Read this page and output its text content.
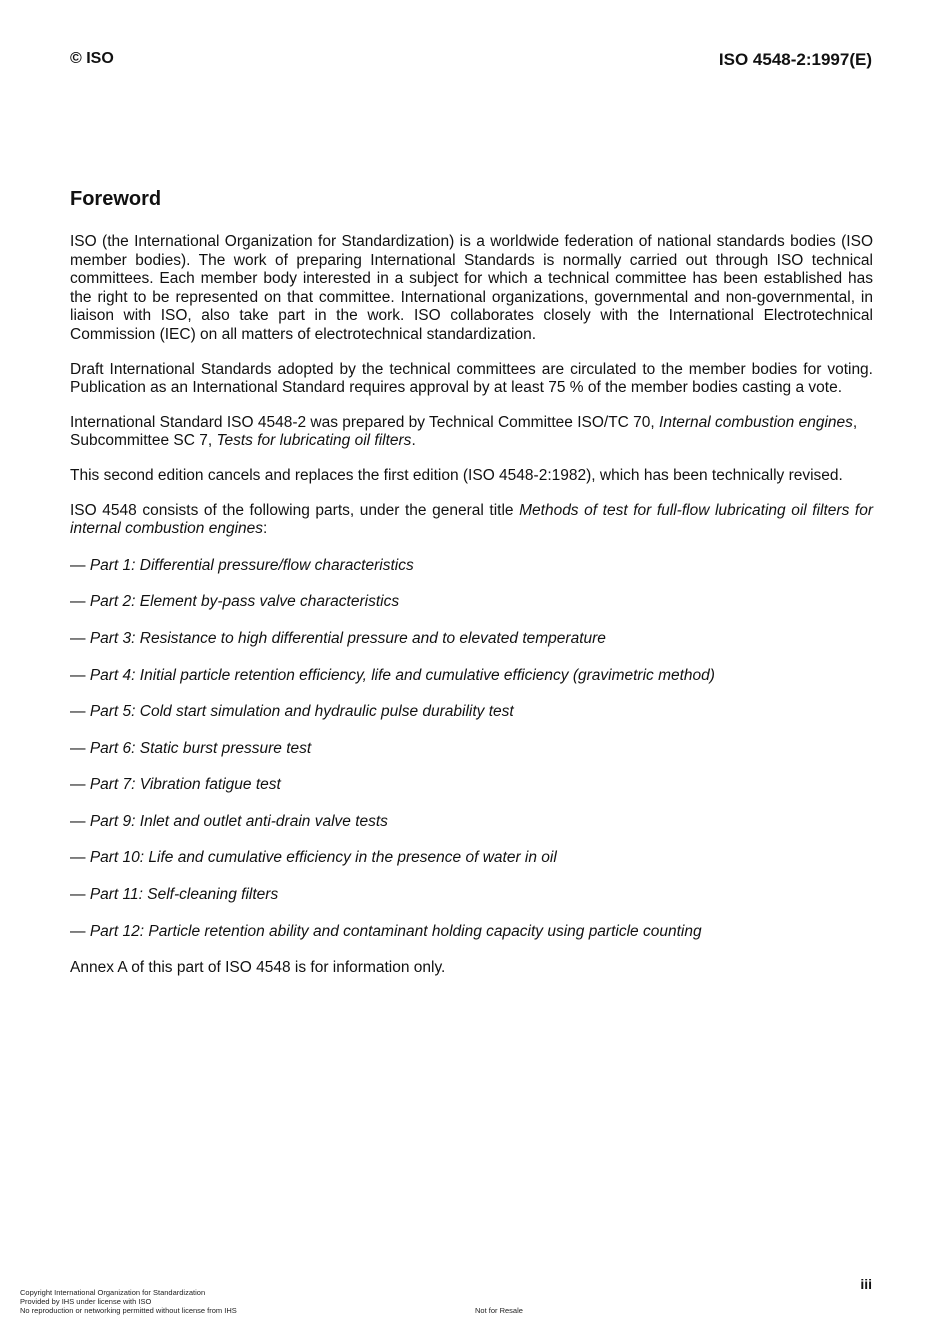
© ISO	ISO 4548-2:1997(E)
Foreword

ISO (the International Organization for Standardization) is a worldwide federation of national standards bodies (ISO member bodies). The work of preparing International Standards is normally carried out through ISO technical committees. Each member body interested in a subject for which a technical committee has been established has the right to be represented on that committee. International organizations, governmental and non-governmental, in liaison with ISO, also take part in the work. ISO collaborates closely with the International Electrotechnical Commission (IEC) on all matters of electrotechnical standardization.

Draft International Standards adopted by the technical committees are circulated to the member bodies for voting. Publication as an International Standard requires approval by at least 75 % of the member bodies casting a vote.

International Standard ISO 4548-2 was prepared by Technical Committee ISO/TC 70, Internal combustion engines, Subcommittee SC 7, Tests for lubricating oil filters.

This second edition cancels and replaces the first edition (ISO 4548-2:1982), which has been technically revised.

ISO 4548 consists of the following parts, under the general title Methods of test for full-flow lubricating oil filters for internal combustion engines:

— Part 1: Differential pressure/flow characteristics
— Part 2: Element by-pass valve characteristics
— Part 3: Resistance to high differential pressure and to elevated temperature
— Part 4: Initial particle retention efficiency, life and cumulative efficiency (gravimetric method)
— Part 5: Cold start simulation and hydraulic pulse durability test
— Part 6: Static burst pressure test
— Part 7: Vibration fatigue test
— Part 9: Inlet and outlet anti-drain valve tests
— Part 10: Life and cumulative efficiency in the presence of water in oil
— Part 11: Self-cleaning filters
— Part 12: Particle retention ability and contaminant holding capacity using particle counting

Annex A of this part of ISO 4548 is for information only.

iii
Copyright International Organization for Standardization
Provided by IHS under license with ISO
No reproduction or networking permitted without license from IHS	Not for Resale
